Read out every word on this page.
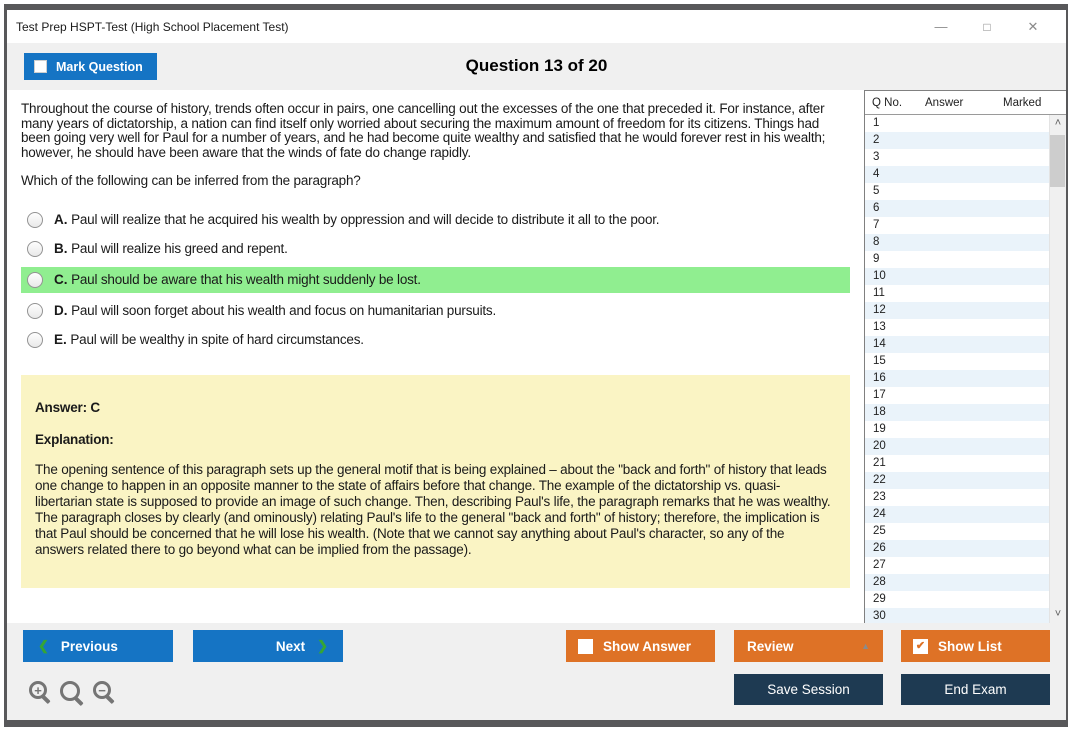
Test Prep HSPT-Test (High School Placement Test)	—	□	✕
Mark Question	Question 13 of 20
Throughout the course of history, trends often occur in pairs, one cancelling out the excesses of the one that preceded it. For instance, after many years of dictatorship, a nation can find itself only worried about securing the maximum amount of freedom for its citizens. Things had been going very well for Paul for a number of years, and he had become quite wealthy and satisfied that he would forever rest in his wealth; however, he should have been aware that the winds of fate do change rapidly.
Which of the following can be inferred from the paragraph?
A. Paul will realize that he acquired his wealth by oppression and will decide to distribute it all to the poor.
B. Paul will realize his greed and repent.
C. Paul should be aware that his wealth might suddenly be lost.
D. Paul will soon forget about his wealth and focus on humanitarian pursuits.
E. Paul will be wealthy in spite of hard circumstances.
Answer: C
Explanation:
The opening sentence of this paragraph sets up the general motif that is being explained – about the "back and forth" of history that leads one change to happen in an opposite manner to the state of affairs before that change. The example of the dictatorship vs. quasi-libertarian state is supposed to provide an image of such change. Then, describing Paul's life, the paragraph remarks that he was wealthy. The paragraph closes by clearly (and ominously) relating Paul's life to the general "back and forth" of history; therefore, the implication is that Paul should be concerned that he will lose his wealth. (Note that we cannot say anything about Paul's character, so any of the answers related there to go beyond what can be implied from the passage).
Q No.	Answer	Marked
1
2
3
4
5
6
7
8
9
10
11
12
13
14
15
16
17
18
19
20
21
22
23
24
25
26
27
28
29
30
˄
˅
❮ Previous	Next ❯	Show Answer	Review	▲	✔ Show List
Save Session	End Exam
+	−
